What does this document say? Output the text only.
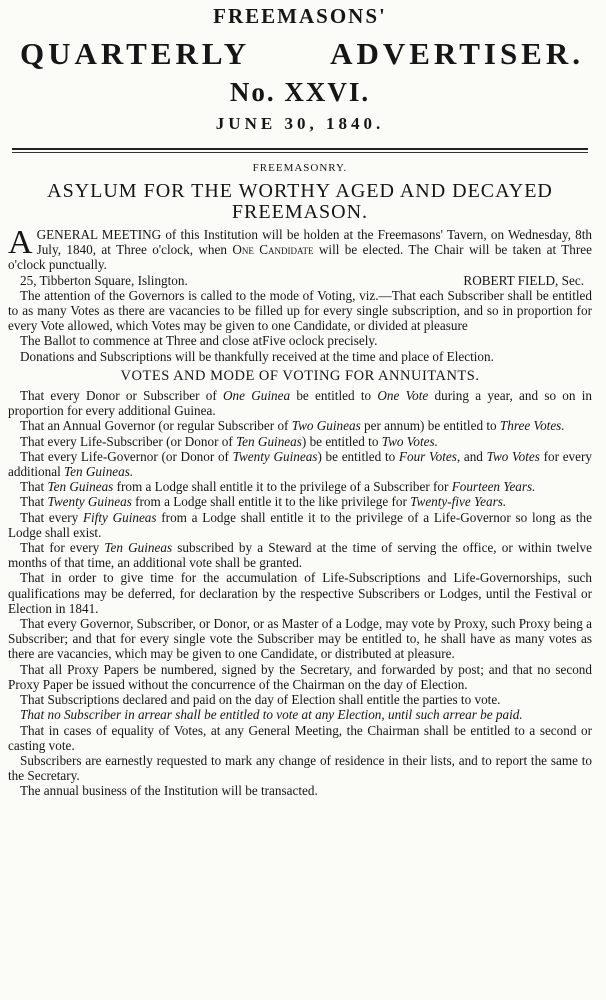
FREEMASONS'
QUARTERLY	ADVERTISER.
No. XXVI.
JUNE 30, 1840.
FREEMASONRY.
ASYLUM FOR THE WORTHY AGED AND DECAYED
FREEMASON.

AGENERAL MEETING of this Institution will be holden at the Freemasons' Tavern, on Wednesday, 8th July, 1840, at Three o'clock, when One Candidate will be elected. The Chair will be taken at Three o'clock punctually.

25, Tibberton Square, Islington.	ROBERT FIELD, Sec.

The attention of the Governors is called to the mode of Voting, viz.—That each Subscriber shall be entitled to as many Votes as there are vacancies to be filled up for every single subscription, and so in proportion for every Vote allowed, which Votes may be given to one Candidate, or divided at pleasure

The Ballot to commence at Three and close atFive oclock precisely.

Donations and Subscriptions will be thankfully received at the time and place of Election.

VOTES AND MODE OF VOTING FOR ANNUITANTS.

That every Donor or Subscriber of One Guinea be entitled to One Vote during a year, and so on in proportion for every additional Guinea.

That an Annual Governor (or regular Subscriber of Two Guineas per annum) be entitled to Three Votes.

That every Life-Subscriber (or Donor of Ten Guineas) be entitled to Two Votes.

That every Life-Governor (or Donor of Twenty Guineas) be entitled to Four Votes, and Two Votes for every additional Ten Guineas.

That Ten Guineas from a Lodge shall entitle it to the privilege of a Subscriber for Fourteen Years.

That Twenty Guineas from a Lodge shall entitle it to the like privilege for Twenty-five Years.

That every Fifty Guineas from a Lodge shall entitle it to the privilege of a Life-Governor so long as the Lodge shall exist.

That for every Ten Guineas subscribed by a Steward at the time of serving the office, or within twelve months of that time, an additional vote shall be granted.

That in order to give time for the accumulation of Life-Subscriptions and Life-Governorships, such qualifications may be deferred, for declaration by the respective Subscribers or Lodges, until the Festival or Election in 1841.

That every Governor, Subscriber, or Donor, or as Master of a Lodge, may vote by Proxy, such Proxy being a Subscriber; and that for every single vote the Subscriber may be entitled to, he shall have as many votes as there are vacancies, which may be given to one Candidate, or distributed at pleasure.

That all Proxy Papers be numbered, signed by the Secretary, and forwarded by post; and that no second Proxy Paper be issued without the concurrence of the Chairman on the day of Election.

That Subscriptions declared and paid on the day of Election shall entitle the parties to vote.

That no Subscriber in arrear shall be entitled to vote at any Election, until such arrear be paid.

That in cases of equality of Votes, at any General Meeting, the Chairman shall be entitled to a second or casting vote.

Subscribers are earnestly requested to mark any change of residence in their lists, and to report the same to the Secretary.

The annual business of the Institution will be transacted.
